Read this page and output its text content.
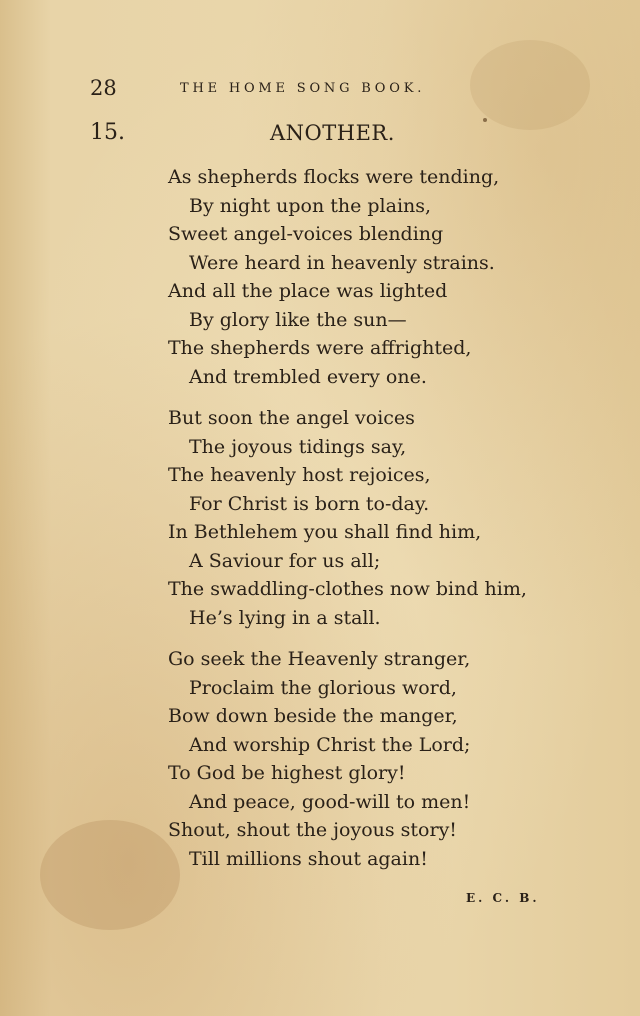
28	THE HOME SONG BOOK.
15.	ANOTHER.
As shepherds flocks were tending,
By night upon the plains,
Sweet angel-voices blending
Were heard in heavenly strains.
And all the place was lighted
By glory like the sun—
The shepherds were affrighted,
And trembled every one.
But soon the angel voices
The joyous tidings say,
The heavenly host rejoices,
For Christ is born to-day.
In Bethlehem you shall find him,
A Saviour for us all;
The swaddling-clothes now bind him,
He’s lying in a stall.
Go seek the Heavenly stranger,
Proclaim the glorious word,
Bow down beside the manger,
And worship Christ the Lord;
To God be highest glory!
And peace, good-will to men!
Shout, shout the joyous story!
Till millions shout again!
E. C. B.
